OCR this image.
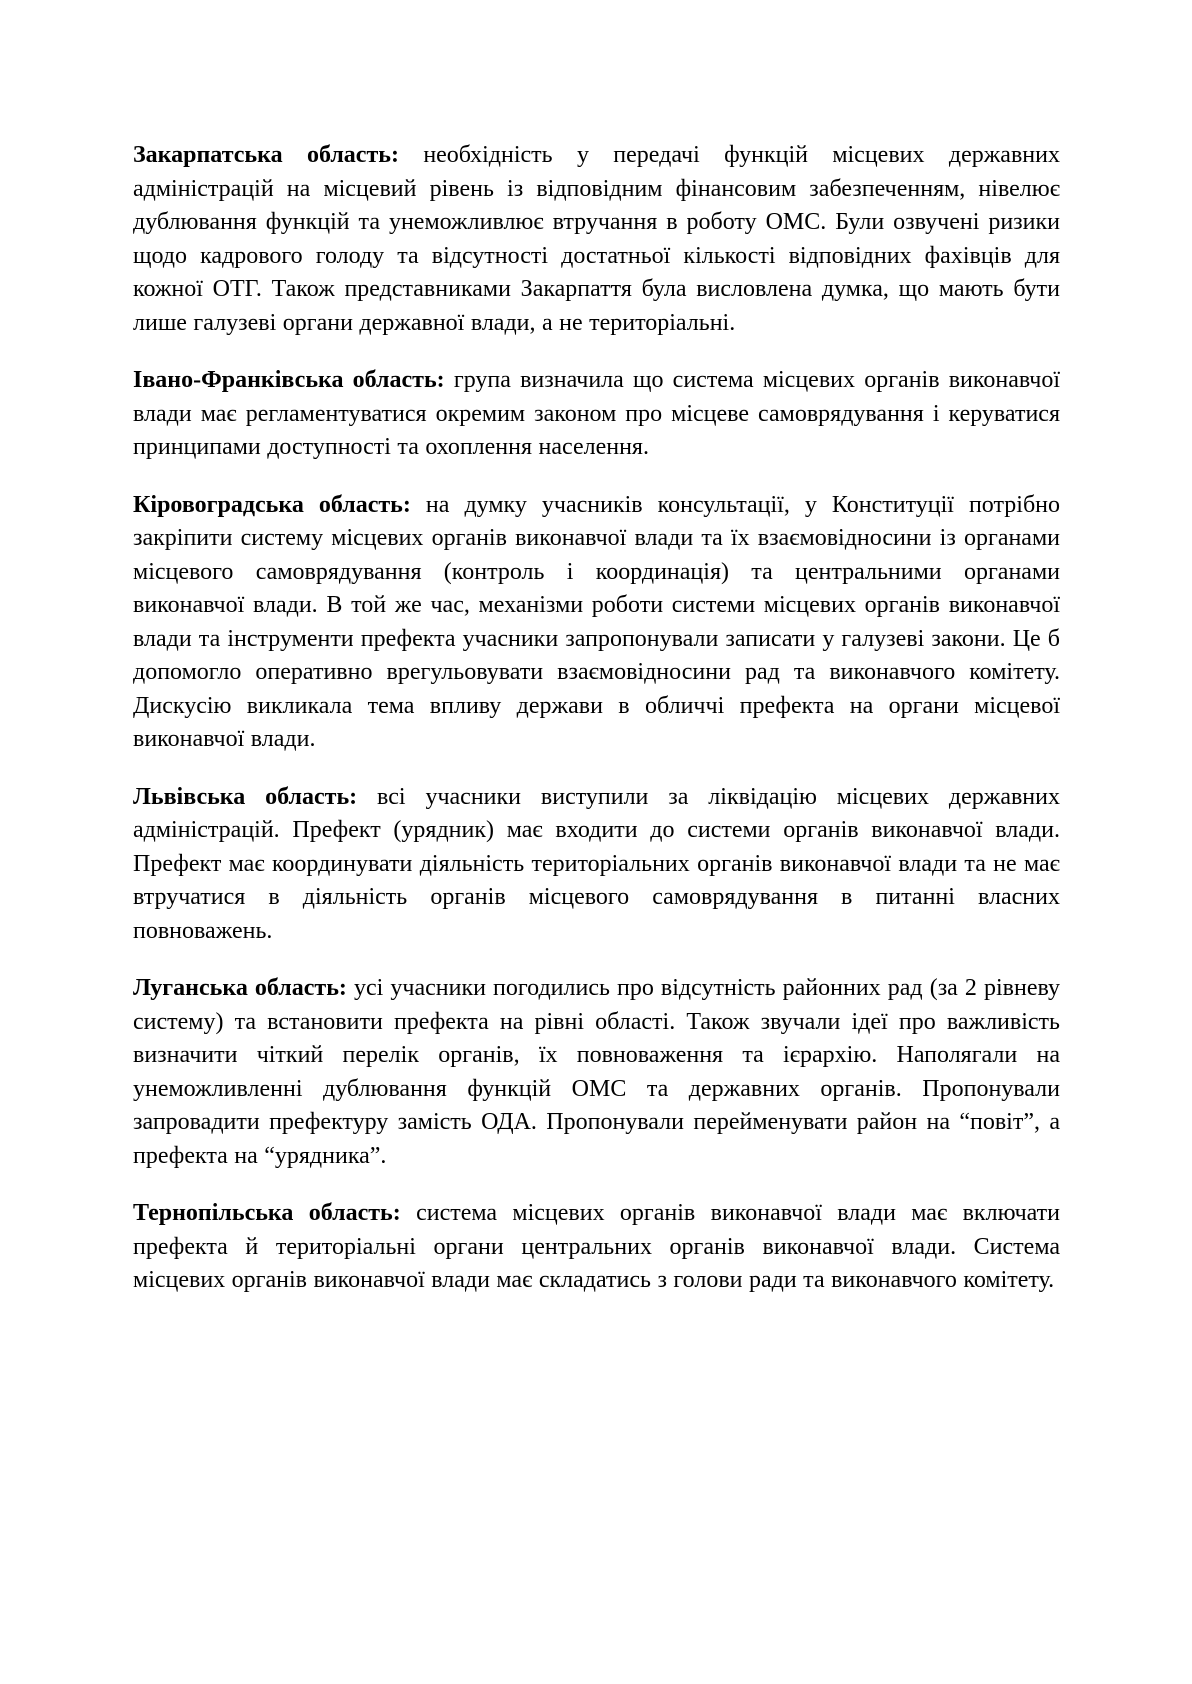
Закарпатська область: необхідність у передачі функцій місцевих державних адміністрацій на місцевий рівень із відповідним фінансовим забезпеченням, нівелює дублювання функцій та унеможливлює втручання в роботу ОМС. Були озвучені ризики щодо кадрового голоду та відсутності достатньої кількості відповідних фахівців для кожної ОТГ. Також представниками Закарпаття була висловлена думка, що мають бути лише галузеві органи державної влади, а не територіальні.

Івано-Франківська область: група визначила що система місцевих органів виконавчої влади має регламентуватися окремим законом про місцеве самоврядування і керуватися принципами доступності та охоплення населення.

Кіровоградська область: на думку учасників консультації, у Конституції потрібно закріпити систему місцевих органів виконавчої влади та їх взаємовідносини із органами місцевого самоврядування (контроль і координація) та центральними органами виконавчої влади. В той же час, механізми роботи системи місцевих органів виконавчої влади та інструменти префекта учасники запропонували записати у галузеві закони. Це б допомогло оперативно врегульовувати взаємовідносини рад та виконавчого комітету. Дискусію викликала тема впливу держави в обличчі префекта на органи місцевої виконавчої влади.

Львівська область: всі учасники виступили за ліквідацію місцевих державних адміністрацій. Префект (урядник) має входити до системи органів виконавчої влади. Префект має координувати діяльність територіальних органів виконавчої влади та не має втручатися в діяльність органів місцевого самоврядування в питанні власних повноважень.

Луганська область: усі учасники погодились про відсутність районних рад (за 2 рівневу систему) та встановити префекта на рівні області. Також звучали ідеї про важливість визначити чіткий перелік органів, їх повноваження та ієрархію. Наполягали на унеможливленні дублювання функцій ОМС та державних органів. Пропонували запровадити префектуру замість ОДА. Пропонували перейменувати район на “повіт”, а префекта на “урядника”.

Тернопільська область: система місцевих органів виконавчої влади має включати префекта й територіальні органи центральних органів виконавчої влади. Система місцевих органів виконавчої влади має складатись з голови ради та виконавчого комітету.
